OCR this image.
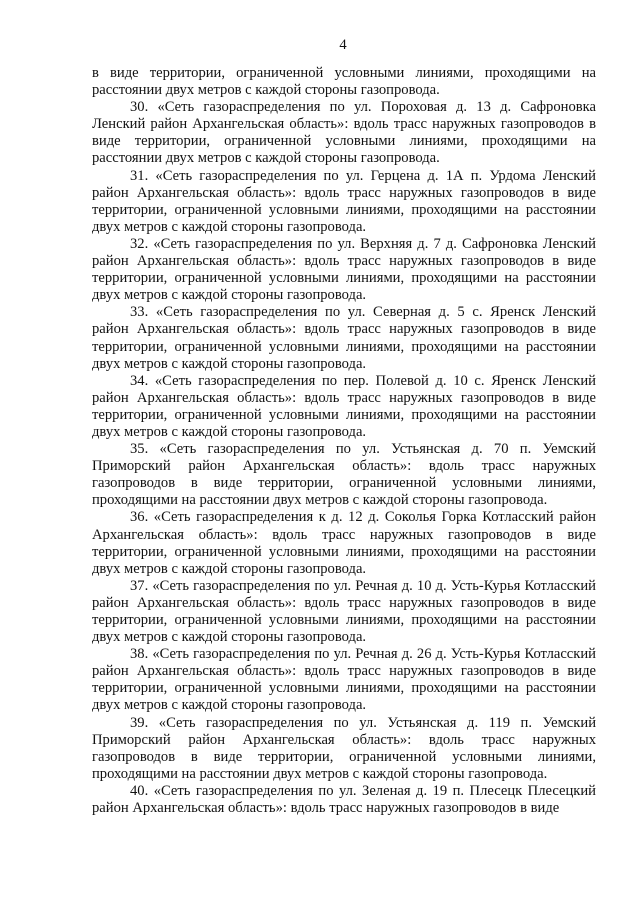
4

в виде территории, ограниченной условными линиями, проходящими на расстоянии двух метров с каждой стороны газопровода.

30. «Сеть газораспределения по ул. Пороховая д. 13 д. Сафроновка Ленский район Архангельская область»: вдоль трасс наружных газопроводов в виде территории, ограниченной условными линиями, проходящими на расстоянии двух метров с каждой стороны газопровода.

31. «Сеть газораспределения по ул. Герцена д. 1А п. Урдома Ленский район Архангельская область»: вдоль трасс наружных газопроводов в виде территории, ограниченной условными линиями, проходящими на расстоянии двух метров с каждой стороны газопровода.

32. «Сеть газораспределения по ул. Верхняя д. 7 д. Сафроновка Ленский район Архангельская область»: вдоль трасс наружных газопроводов в виде территории, ограниченной условными линиями, проходящими на расстоянии двух метров с каждой стороны газопровода.

33. «Сеть газораспределения по ул. Северная д. 5 с. Яренск Ленский район Архангельская область»: вдоль трасс наружных газопроводов в виде территории, ограниченной условными линиями, проходящими на расстоянии двух метров с каждой стороны газопровода.

34. «Сеть газораспределения по пер. Полевой д. 10 с. Яренск Ленский район Архангельская область»: вдоль трасс наружных газопроводов в виде территории, ограниченной условными линиями, проходящими на расстоянии двух метров с каждой стороны газопровода.

35. «Сеть газораспределения по ул. Устьянская д. 70 п. Уемский Приморский район Архангельская область»: вдоль трасс наружных газопроводов в виде территории, ограниченной условными линиями, проходящими на расстоянии двух метров с каждой стороны газопровода.

36. «Сеть газораспределения к д. 12 д. Соколья Горка Котласский район Архангельская область»: вдоль трасс наружных газопроводов в виде территории, ограниченной условными линиями, проходящими на расстоянии двух метров с каждой стороны газопровода.

37. «Сеть газораспределения по ул. Речная д. 10 д. Усть-Курья Котласский район Архангельская область»: вдоль трасс наружных газопроводов в виде территории, ограниченной условными линиями, проходящими на расстоянии двух метров с каждой стороны газопровода.

38. «Сеть газораспределения по ул. Речная д. 26 д. Усть-Курья Котласский район Архангельская область»: вдоль трасс наружных газопроводов в виде территории, ограниченной условными линиями, проходящими на расстоянии двух метров с каждой стороны газопровода.

39. «Сеть газораспределения по ул. Устьянская д. 119 п. Уемский Приморский район Архангельская область»: вдоль трасс наружных газопроводов в виде территории, ограниченной условными линиями, проходящими на расстоянии двух метров с каждой стороны газопровода.

40. «Сеть газораспределения по ул. Зеленая д. 19 п. Плесецк Плесецкий район Архангельская область»: вдоль трасс наружных газопроводов в виде
